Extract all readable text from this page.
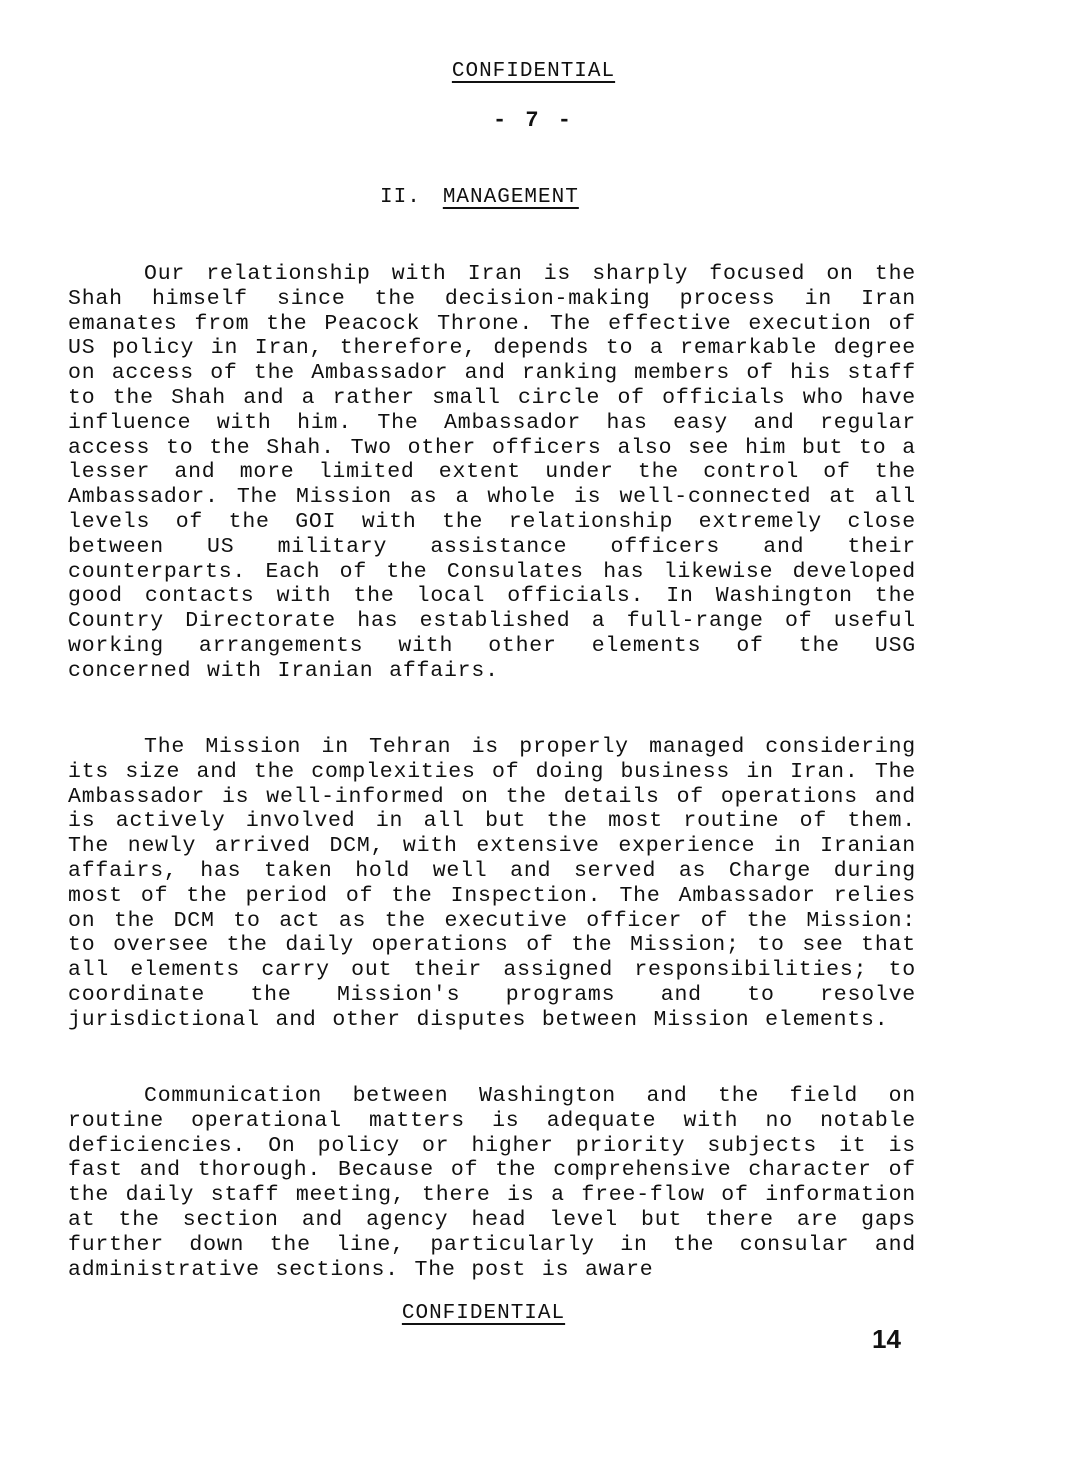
CONFIDENTIAL
- 7 -
II. MANAGEMENT

Our relationship with Iran is sharply focused on the Shah himself since the decision-making process in Iran emanates from the Peacock Throne. The effective execution of US policy in Iran, therefore, depends to a remarkable degree on access of the Ambassador and ranking members of his staff to the Shah and a rather small circle of officials who have influence with him. The Ambassador has easy and regular access to the Shah. Two other officers also see him but to a lesser and more limited extent under the control of the Ambassador. The Mission as a whole is well-connected at all levels of the GOI with the relationship extremely close between US military assistance officers and their counterparts. Each of the Consulates has likewise developed good contacts with the local officials. In Washington the Country Directorate has established a full-range of useful working arrangements with other elements of the USG concerned with Iranian affairs.

The Mission in Tehran is properly managed considering its size and the complexities of doing business in Iran. The Ambassador is well-informed on the details of operations and is actively involved in all but the most routine of them. The newly arrived DCM, with extensive experience in Iranian affairs, has taken hold well and served as Charge during most of the period of the Inspection. The Ambassador relies on the DCM to act as the executive officer of the Mission: to oversee the daily operations of the Mission; to see that all elements carry out their assigned responsibilities; to coordinate the Mission's programs and to resolve jurisdictional and other disputes between Mission elements.

Communication between Washington and the field on routine operational matters is adequate with no notable deficiencies. On policy or higher priority subjects it is fast and thorough. Because of the comprehensive character of the daily staff meeting, there is a free-flow of information at the section and agency head level but there are gaps further down the line, particularly in the consular and administrative sections. The post is aware

CONFIDENTIAL
14
